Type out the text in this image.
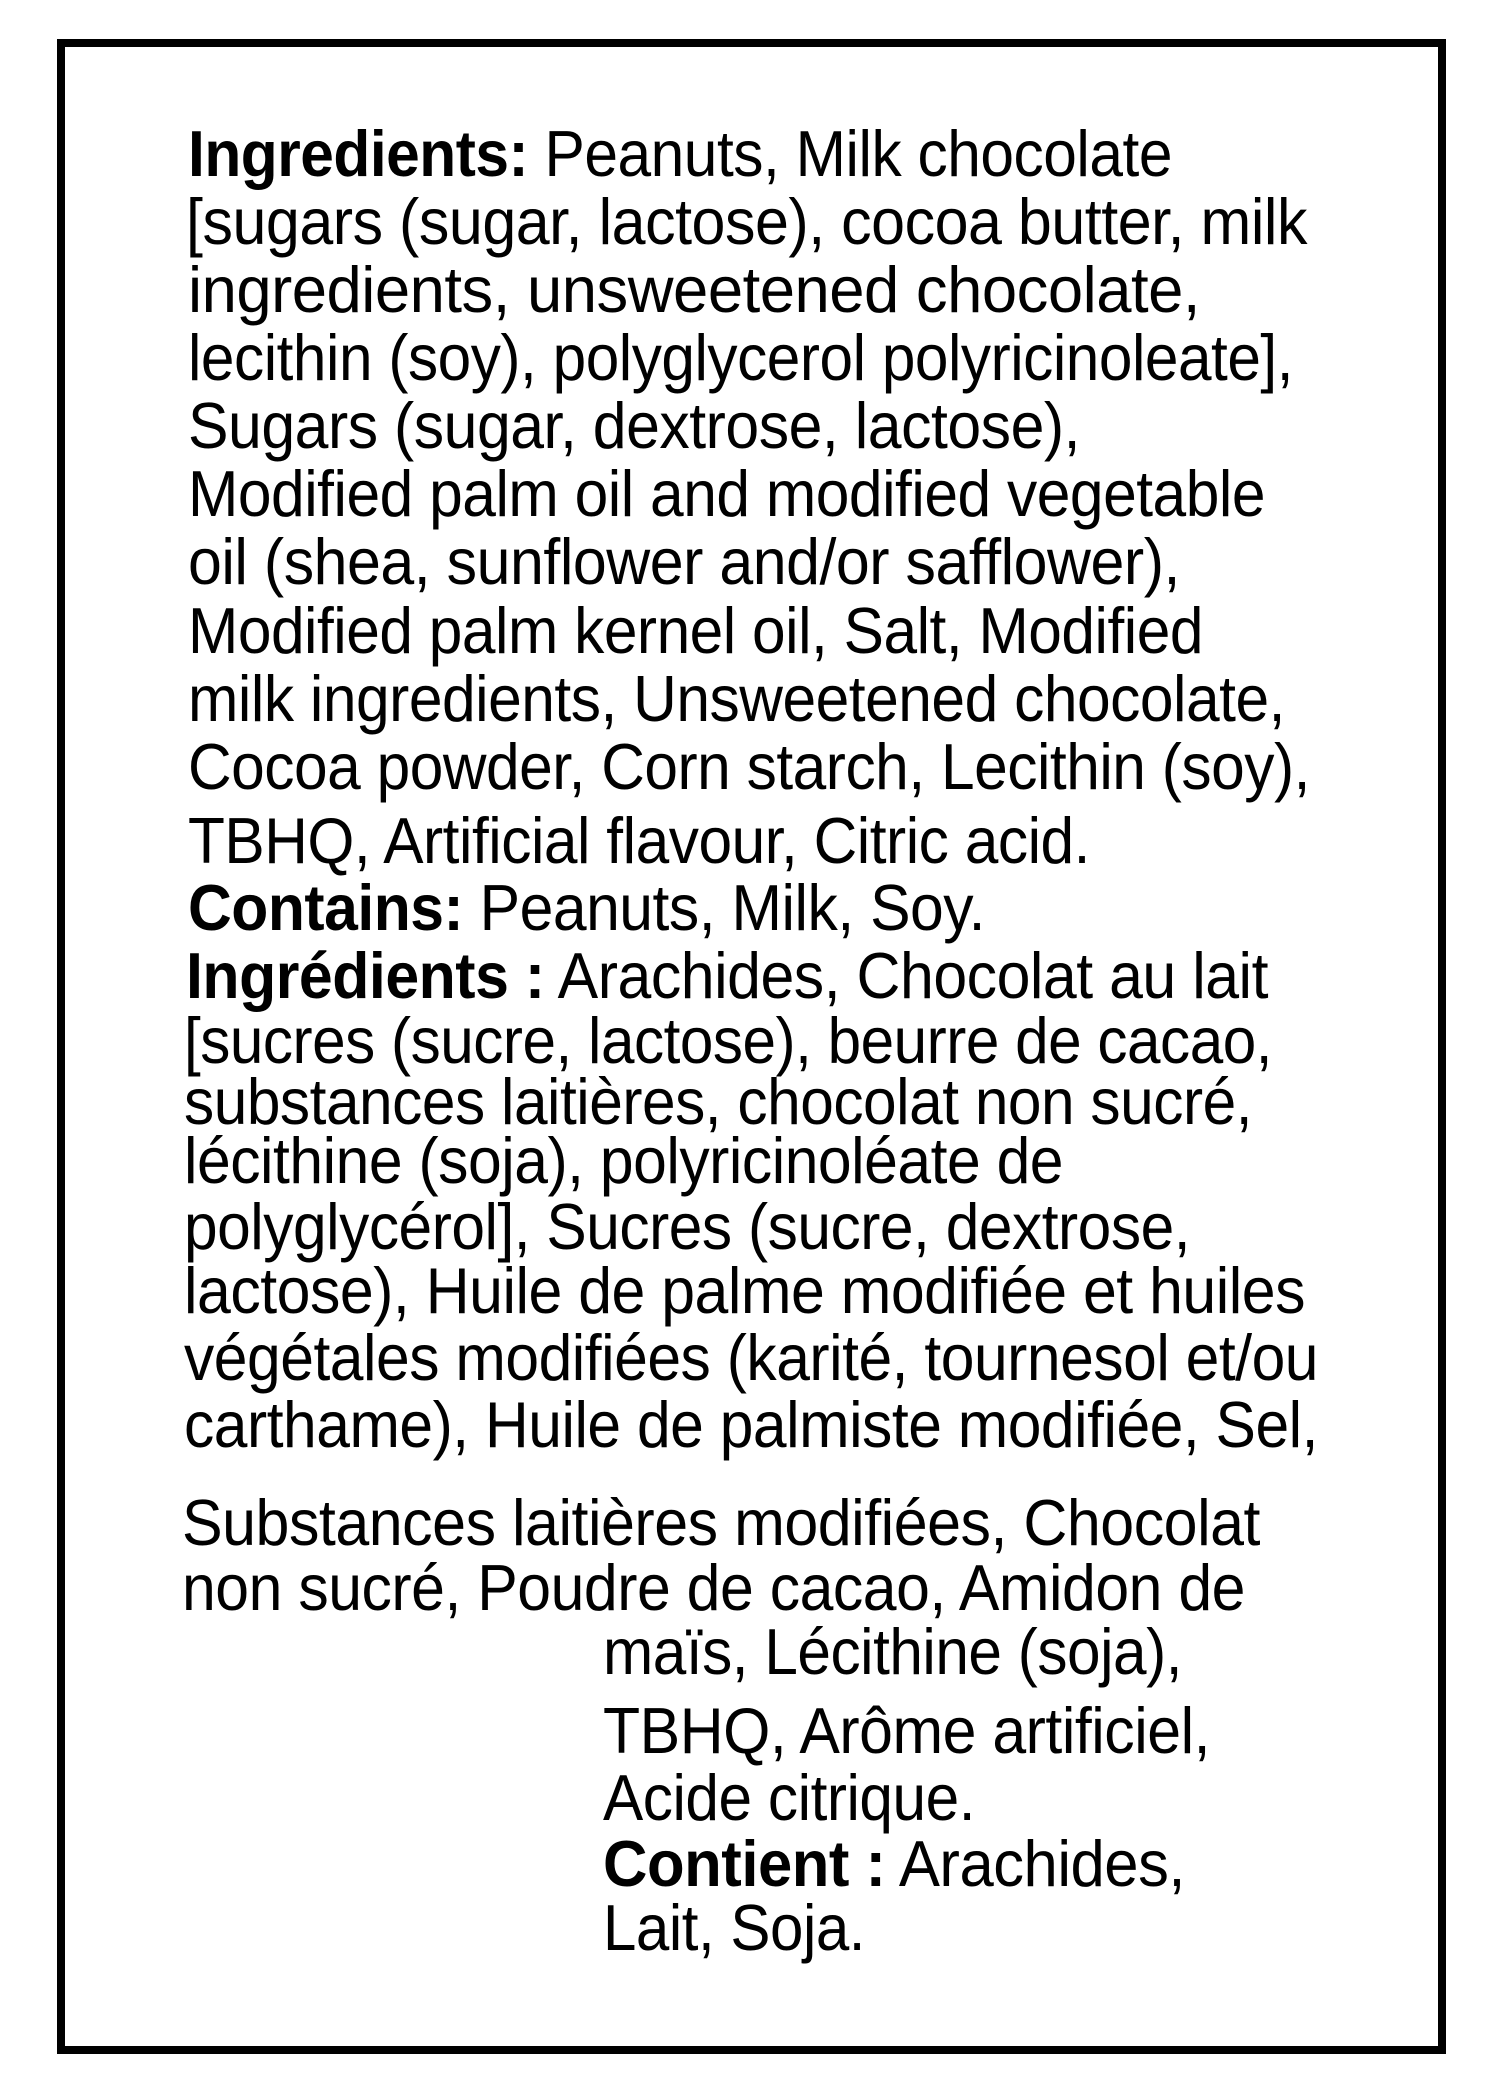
Ingredients: Peanuts, Milk chocolate
[sugars (sugar, lactose), cocoa butter, milk
ingredients, unsweetened chocolate,
lecithin (soy), polyglycerol polyricinoleate],
Sugars (sugar, dextrose, lactose),
Modified palm oil and modified vegetable
oil (shea, sunflower and/or safflower),
Modified palm kernel oil, Salt, Modified
milk ingredients, Unsweetened chocolate,
Cocoa powder, Corn starch, Lecithin (soy),
TBHQ, Artificial flavour, Citric acid.
Contains: Peanuts, Milk, Soy.
Ingrédients : Arachides, Chocolat au lait
[sucres (sucre, lactose), beurre de cacao,
substances laitières, chocolat non sucré,
lécithine (soja), polyricinoléate de
polyglycérol], Sucres (sucre, dextrose,
lactose), Huile de palme modifiée et huiles
végétales modifiées (karité, tournesol et/ou
carthame), Huile de palmiste modifiée, Sel,
Substances laitières modifiées, Chocolat
non sucré, Poudre de cacao, Amidon de
maïs, Lécithine (soja),
TBHQ, Arôme artificiel,
Acide citrique.
Contient : Arachides,
Lait, Soja.
